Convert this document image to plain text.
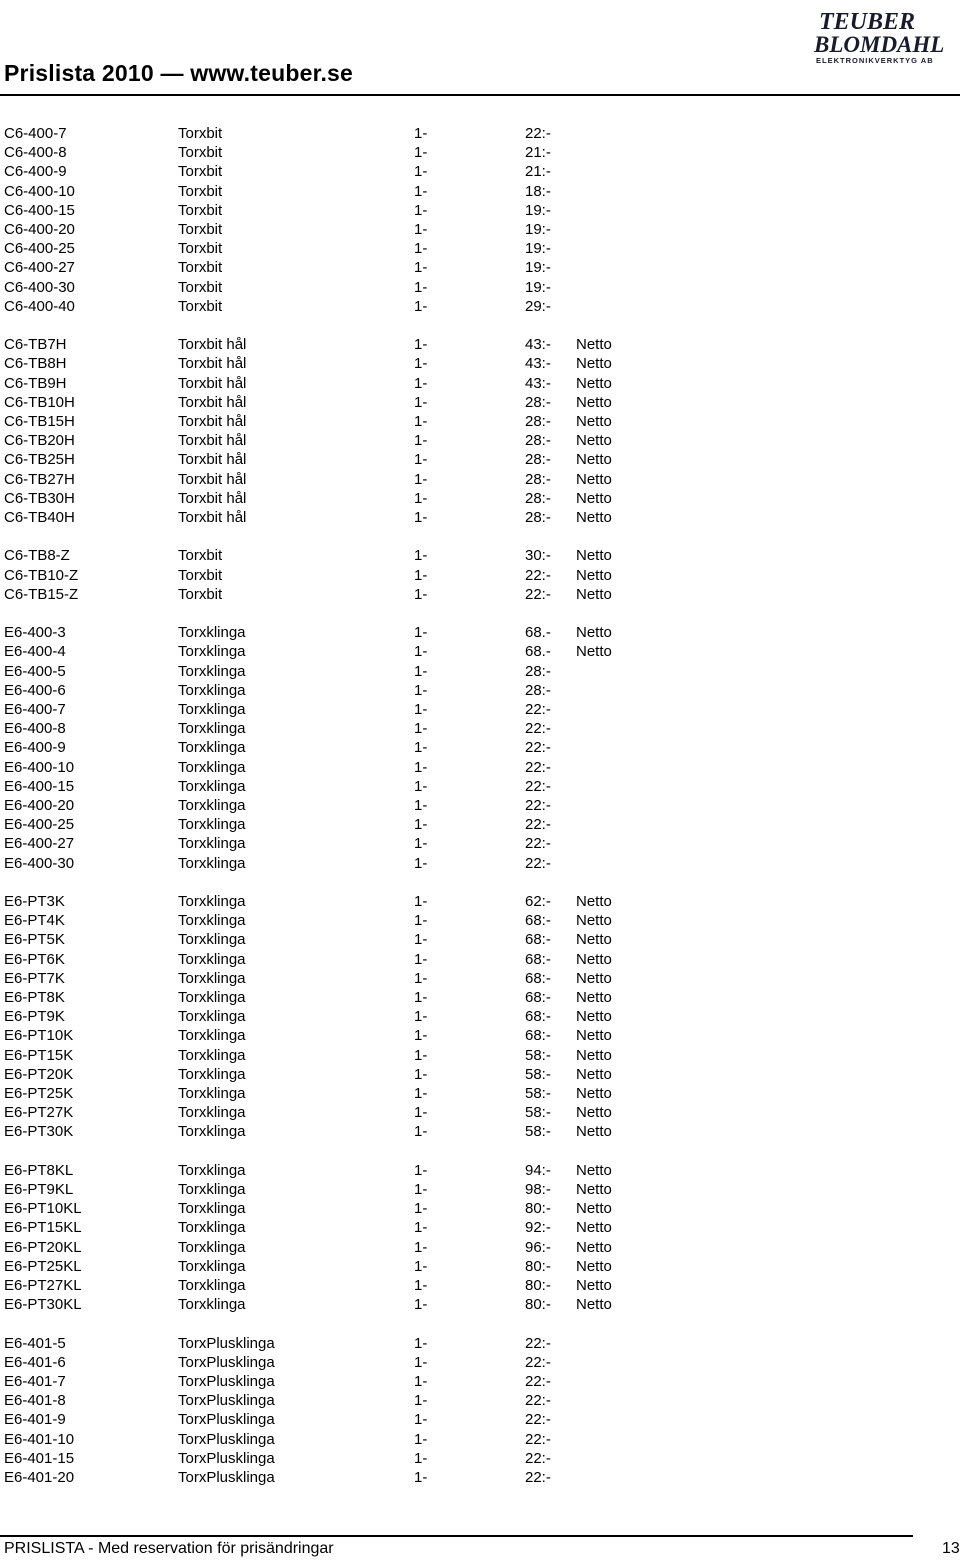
Prislista 2010 — www.teuber.se
TEUBER
BLOMDAHL
ELEKTRONIKVERKTYG AB
C6-400-7	Torxbit	1-	22:-
C6-400-8	Torxbit	1-	21:-
C6-400-9	Torxbit	1-	21:-
C6-400-10	Torxbit	1-	18:-
C6-400-15	Torxbit	1-	19:-
C6-400-20	Torxbit	1-	19:-
C6-400-25	Torxbit	1-	19:-
C6-400-27	Torxbit	1-	19:-
C6-400-30	Torxbit	1-	19:-
C6-400-40	Torxbit	1-	29:-
C6-TB7H	Torxbit hål	1-	43:- Netto
C6-TB8H	Torxbit hål	1-	43:- Netto
C6-TB9H	Torxbit hål	1-	43:- Netto
C6-TB10H	Torxbit hål	1-	28:- Netto
C6-TB15H	Torxbit hål	1-	28:- Netto
C6-TB20H	Torxbit hål	1-	28:- Netto
C6-TB25H	Torxbit hål	1-	28:- Netto
C6-TB27H	Torxbit hål	1-	28:- Netto
C6-TB30H	Torxbit hål	1-	28:- Netto
C6-TB40H	Torxbit hål	1-	28:- Netto
C6-TB8-Z	Torxbit	1-	30:- Netto
C6-TB10-Z	Torxbit	1-	22:- Netto
C6-TB15-Z	Torxbit	1-	22:- Netto
E6-400-3	Torxklinga	1-	68.- Netto
E6-400-4	Torxklinga	1-	68.- Netto
E6-400-5	Torxklinga	1-	28:-
E6-400-6	Torxklinga	1-	28:-
E6-400-7	Torxklinga	1-	22:-
E6-400-8	Torxklinga	1-	22:-
E6-400-9	Torxklinga	1-	22:-
E6-400-10	Torxklinga	1-	22:-
E6-400-15	Torxklinga	1-	22:-
E6-400-20	Torxklinga	1-	22:-
E6-400-25	Torxklinga	1-	22:-
E6-400-27	Torxklinga	1-	22:-
E6-400-30	Torxklinga	1-	22:-
E6-PT3K	Torxklinga	1-	62:- Netto
E6-PT4K	Torxklinga	1-	68:- Netto
E6-PT5K	Torxklinga	1-	68:- Netto
E6-PT6K	Torxklinga	1-	68:- Netto
E6-PT7K	Torxklinga	1-	68:- Netto
E6-PT8K	Torxklinga	1-	68:- Netto
E6-PT9K	Torxklinga	1-	68:- Netto
E6-PT10K	Torxklinga	1-	68:- Netto
E6-PT15K	Torxklinga	1-	58:- Netto
E6-PT20K	Torxklinga	1-	58:- Netto
E6-PT25K	Torxklinga	1-	58:- Netto
E6-PT27K	Torxklinga	1-	58:- Netto
E6-PT30K	Torxklinga	1-	58:- Netto
E6-PT8KL	Torxklinga	1-	94:- Netto
E6-PT9KL	Torxklinga	1-	98:- Netto
E6-PT10KL	Torxklinga	1-	80:- Netto
E6-PT15KL	Torxklinga	1-	92:- Netto
E6-PT20KL	Torxklinga	1-	96:- Netto
E6-PT25KL	Torxklinga	1-	80:- Netto
E6-PT27KL	Torxklinga	1-	80:- Netto
E6-PT30KL	Torxklinga	1-	80:- Netto
E6-401-5	TorxPlusklinga	1-	22:-
E6-401-6	TorxPlusklinga	1-	22:-
E6-401-7	TorxPlusklinga	1-	22:-
E6-401-8	TorxPlusklinga	1-	22:-
E6-401-9	TorxPlusklinga	1-	22:-
E6-401-10	TorxPlusklinga	1-	22:-
E6-401-15	TorxPlusklinga	1-	22:-
E6-401-20	TorxPlusklinga	1-	22:-
PRISLISTA - Med reservation för prisändringar	13
